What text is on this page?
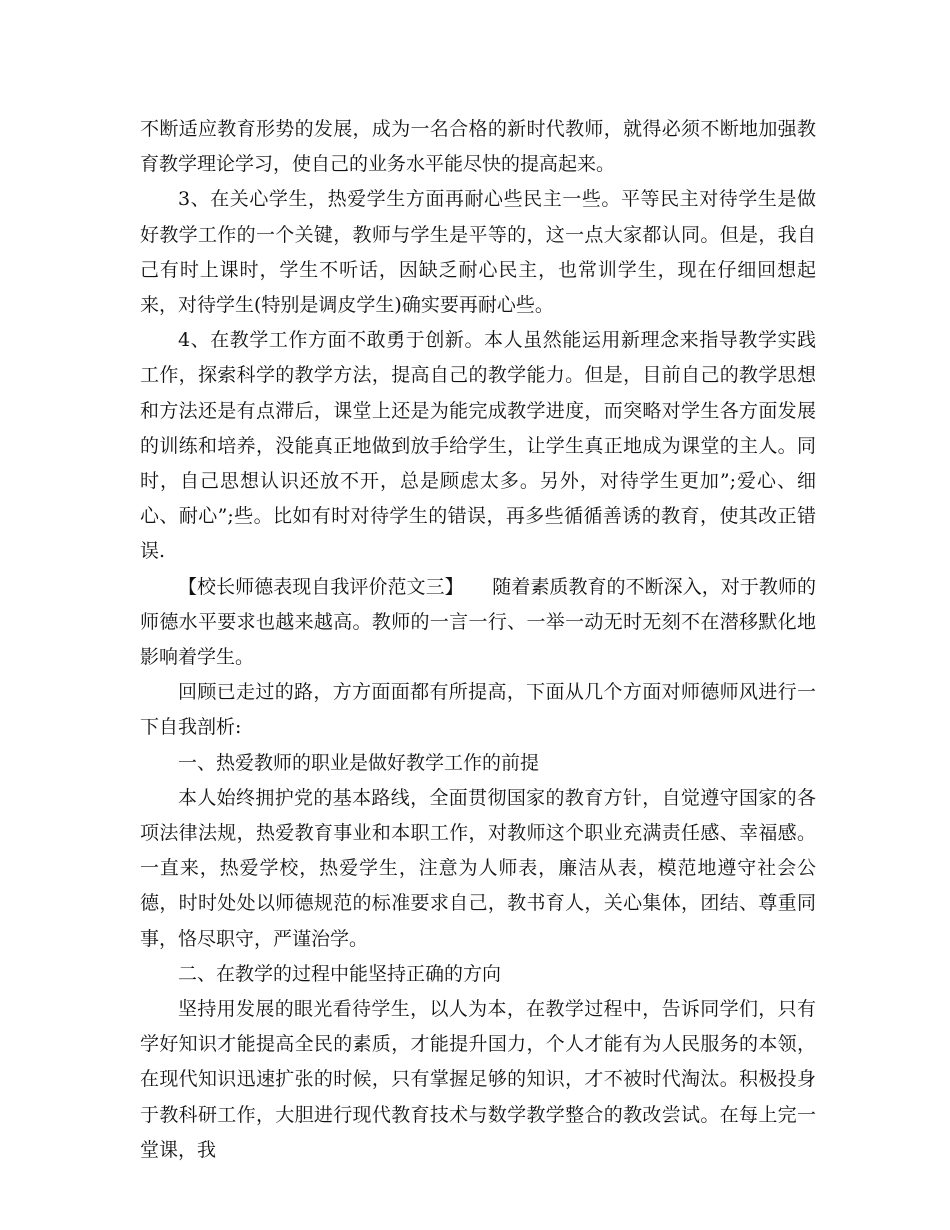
不断适应教育形势的发展，成为一名合格的新时代教师，就得必须不断地加强教育教学理论学习，使自己的业务水平能尽快的提高起来。

3、在关心学生，热爱学生方面再耐心些民主一些。平等民主对待学生是做好教学工作的一个关键，教师与学生是平等的，这一点大家都认同。但是，我自己有时上课时，学生不听话，因缺乏耐心民主，也常训学生，现在仔细回想起来，对待学生(特别是调皮学生)确实要再耐心些。

4、在教学工作方面不敢勇于创新。本人虽然能运用新理念来指导教学实践工作，探索科学的教学方法，提高自己的教学能力。但是，目前自己的教学思想和方法还是有点滞后，课堂上还是为能完成教学进度，而突略对学生各方面发展的训练和培养，没能真正地做到放手给学生，让学生真正地成为课堂的主人。同时，自己思想认识还放不开，总是顾虑太多。另外，对待学生更加”;爱心、细心、耐心”;些。比如有时对待学生的错误，再多些循循善诱的教育，使其改正错误.

【校长师德表现自我评价范文三】　　随着素质教育的不断深入，对于教师的师德水平要求也越来越高。教师的一言一行、一举一动无时无刻不在潜移默化地影响着学生。

回顾已走过的路，方方面面都有所提高，下面从几个方面对师德师风进行一下自我剖析:

一、热爱教师的职业是做好教学工作的前提

本人始终拥护党的基本路线，全面贯彻国家的教育方针，自觉遵守国家的各项法律法规，热爱教育事业和本职工作，对教师这个职业充满责任感、幸福感。一直来，热爱学校，热爱学生，注意为人师表，廉洁从表，模范地遵守社会公德，时时处处以师德规范的标准要求自己，教书育人，关心集体，团结、尊重同事，恪尽职守，严谨治学。

二、在教学的过程中能坚持正确的方向

坚持用发展的眼光看待学生，以人为本，在教学过程中，告诉同学们，只有学好知识才能提高全民的素质，才能提升国力，个人才能有为人民服务的本领，在现代知识迅速扩张的时候，只有掌握足够的知识，才不被时代淘汰。积极投身于教科研工作，大胆进行现代教育技术与数学教学整合的教改尝试。在每上完一堂课，我
